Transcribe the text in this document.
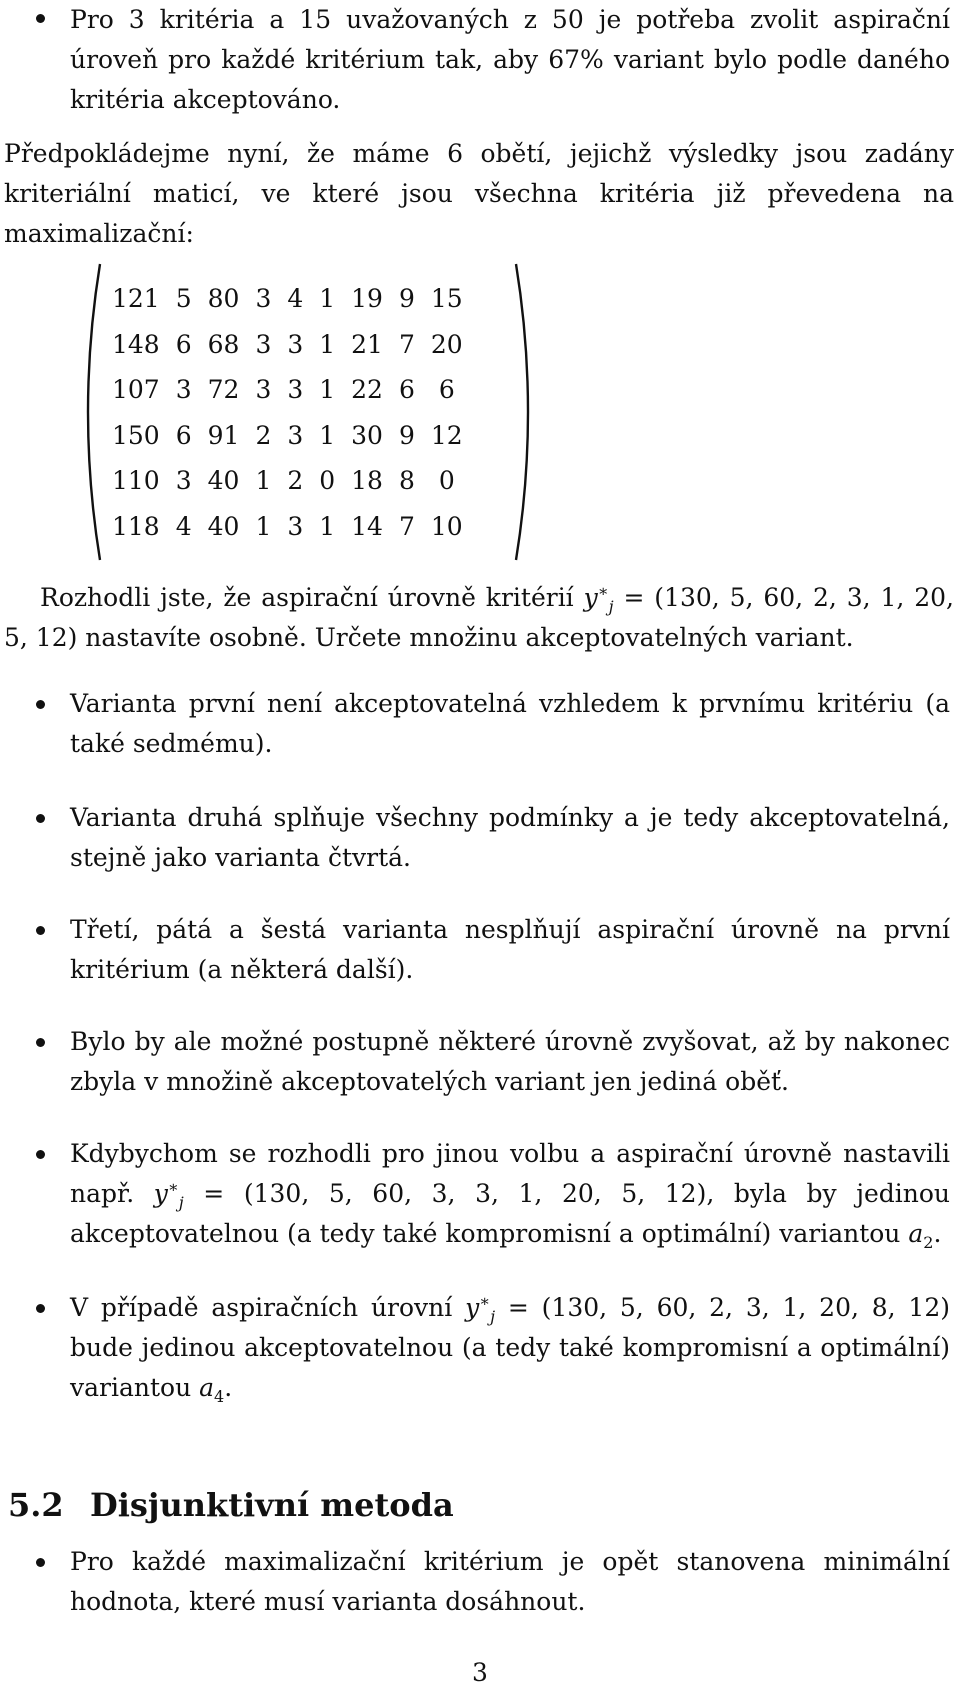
Pro 3 kritéria a 15 uvažovaných z 50 je potřeba zvolit aspirační úroveň pro každé kritérium tak, aby 67% variant bylo podle daného kritéria akceptováno.
Předpokládejme nyní, že máme 6 obětí, jejichž výsledky jsou zadány kriteriální maticí, ve které jsou všechna kritéria již převedena na maximalizační:
121	5	80	3	4	1	19	9	15
148	6	68	3	3	1	21	7	20
107	3	72	3	3	1	22	6	6
150	6	91	2	3	1	30	9	12
110	3	40	1	2	0	18	8	0
118	4	40	1	3	1	14	7	10
Rozhodli jste, že aspirační úrovně kritérií $y^∗_j = (130$, 5, 60, 2, 3, 1, 20, 5, 12) nastavíte osobně. Určete množinu akceptovatelných variant.
Varianta první není akceptovatelná vzhledem k prvnímu kritériu (a také sedmému).
Varianta druhá splňuje všechny podmínky a je tedy akceptovatelná, stejně jako varianta čtvrtá.
Třetí, pátá a šestá varianta nesplňují aspirační úrovně na první kritérium (a některá další).
Bylo by ale možné postupně některé úrovně zvyšovat, až by nakonec zbyla v množině akceptovatelých variant jen jediná oběť.
Kdybychom se rozhodli pro jinou volbu a aspirační úrovně nastavili např. $y^∗_j = (130$, 5, 60, 3, 3, 1, 20, 5, 12), byla by jedinou akceptovatelnou (a tedy také kompromisní a optimální) variantou $a_2$.
V případě aspiračních úrovní $y^∗_j = (130$, 5, 60, 2, 3, 1, 20, 8, 12) bude jedinou akceptovatelnou (a tedy také kompromisní a optimální) variantou $a_4$.
5.2 Disjunktivní metoda
Pro každé maximalizační kritérium je opět stanovena minimální hodnota, které musí varianta dosáhnout.
3
